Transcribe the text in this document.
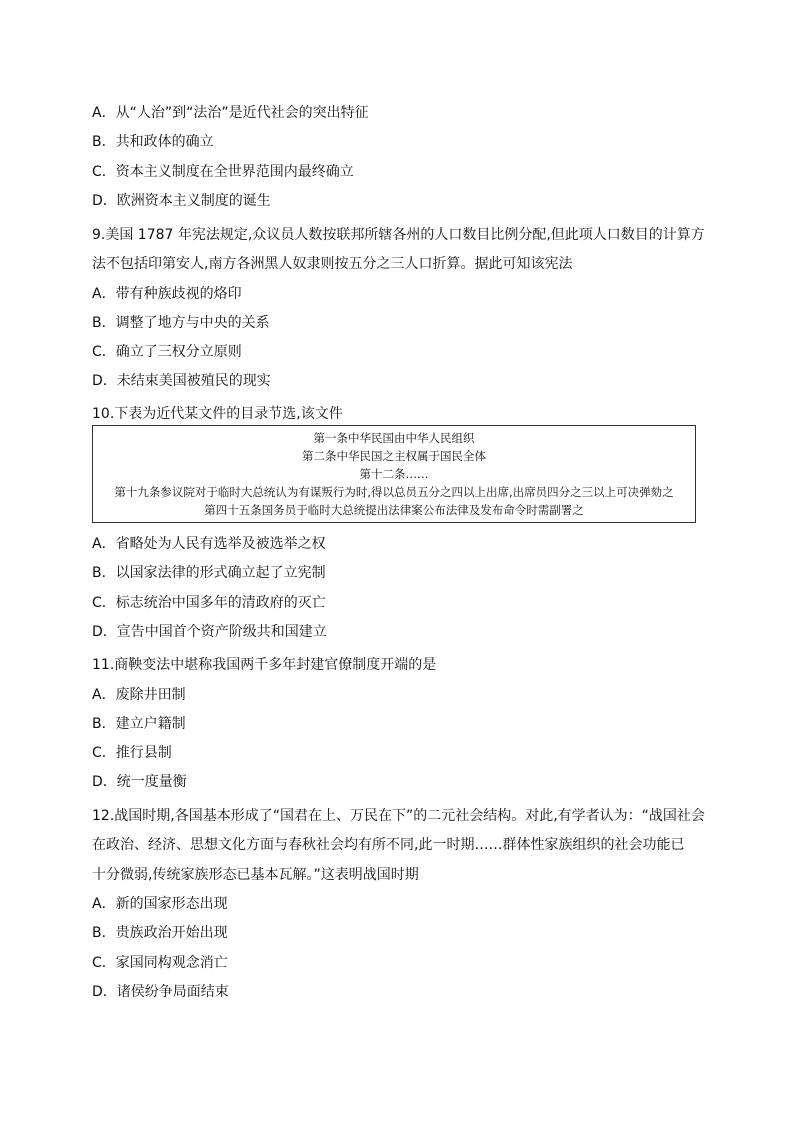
A．从“人治”到“法治”是近代社会的突出特征
B．共和政体的确立
C．资本主义制度在全世界范围内最终确立
D．欧洲资本主义制度的诞生
9.美国 1787 年宪法规定,众议员人数按联邦所辖各州的人口数目比例分配,但此项人口数目的计算方
法不包括印第安人,南方各洲黑人奴隶则按五分之三人口折算。据此可知该宪法
A．带有种族歧视的烙印
B．调整了地方与中央的关系
C．确立了三权分立原则
D．未结束美国被殖民的现实
10.下表为近代某文件的目录节选,该文件
第一条中华民国由中华人民组织
第二条中华民国之主权属于国民全体
第十二条……
第十九条参议院对于临时大总统认为有谋叛行为时,得以总员五分之四以上出席,出席员四分之三以上可决弹劾之
第四十五条国务员于临时大总统提出法律案公布法律及发布命令时需副署之
A．省略处为人民有选举及被选举之权
B．以国家法律的形式确立起了立宪制
C．标志统治中国多年的清政府的灭亡
D．宣告中国首个资产阶级共和国建立
11.商鞅变法中堪称我国两千多年封建官僚制度开端的是
A．废除井田制
B．建立户籍制
C．推行县制
D．统一度量衡
12.战国时期,各国基本形成了“国君在上、万民在下”的二元社会结构。对此,有学者认为：“战国社会
在政治、经济、思想文化方面与春秋社会均有所不同,此一时期……群体性家族组织的社会功能已
十分微弱,传统家族形态已基本瓦解。”这表明战国时期
A．新的国家形态出现
B．贵族政治开始出现
C．家国同构观念消亡
D．诸侯纷争局面结束
